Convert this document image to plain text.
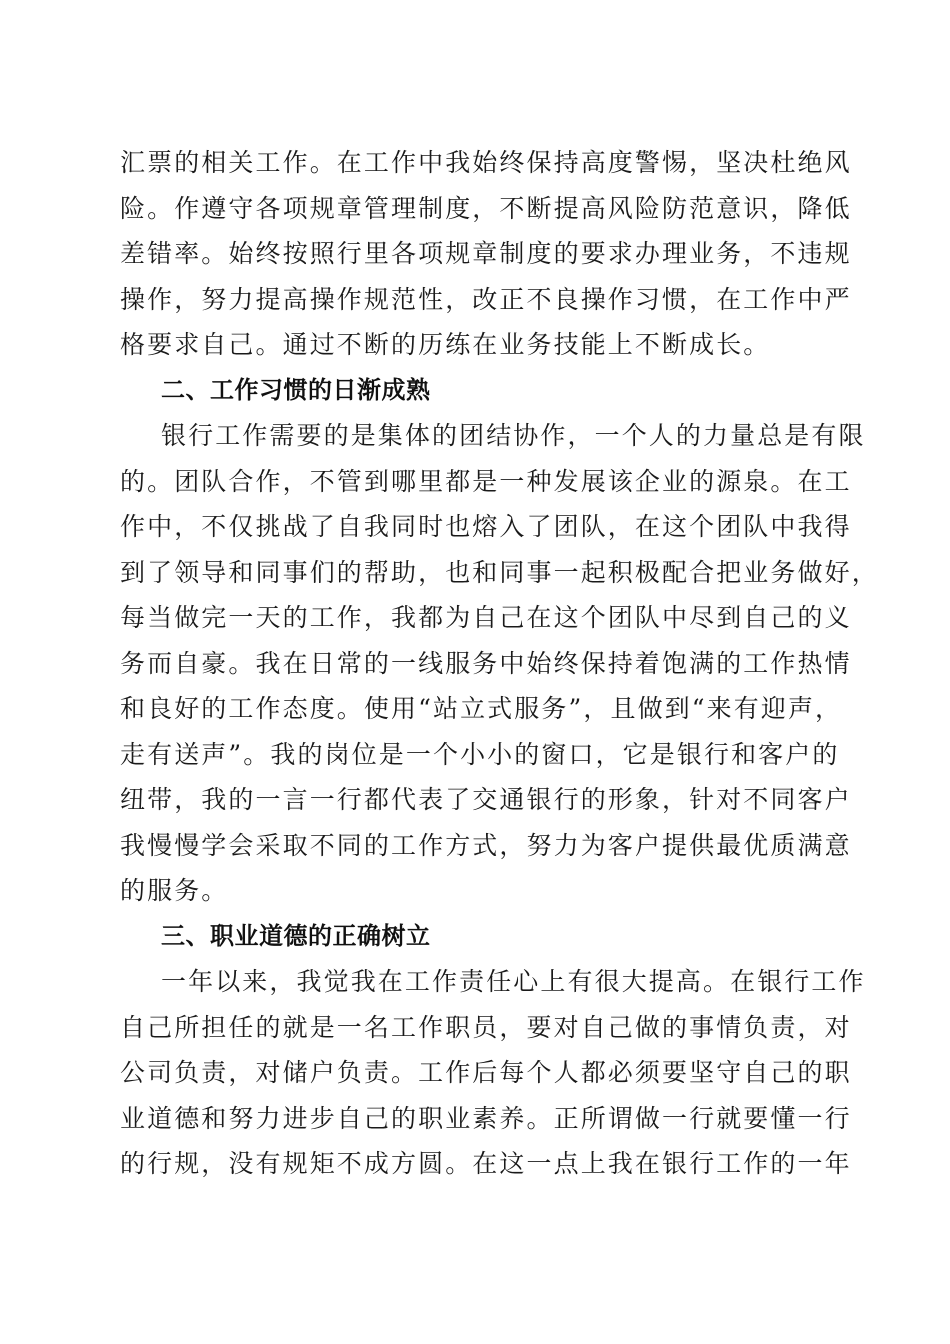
汇票的相关工作。在工作中我始终保持高度警惕，坚决杜绝风
险。作遵守各项规章管理制度，不断提高风险防范意识，降低
差错率。始终按照行里各项规章制度的要求办理业务，不违规
操作，努力提高操作规范性，改正不良操作习惯，在工作中严
格要求自己。通过不断的历练在业务技能上不断成长。
二、工作习惯的日渐成熟
银行工作需要的是集体的团结协作，一个人的力量总是有限
的。团队合作，不管到哪里都是一种发展该企业的源泉。在工
作中，不仅挑战了自我同时也熔入了团队，在这个团队中我得
到了领导和同事们的帮助，也和同事一起积极配合把业务做好，
每当做完一天的工作，我都为自己在这个团队中尽到自己的义
务而自豪。我在日常的一线服务中始终保持着饱满的工作热情
和良好的工作态度。使用“站立式服务”，且做到“来有迎声，
走有送声”。我的岗位是一个小小的窗口，它是银行和客户的
纽带，我的一言一行都代表了交通银行的形象，针对不同客户
我慢慢学会采取不同的工作方式，努力为客户提供最优质满意
的服务。
三、职业道德的正确树立
一年以来，我觉我在工作责任心上有很大提高。在银行工作
自己所担任的就是一名工作职员，要对自己做的事情负责，对
公司负责，对储户负责。工作后每个人都必须要坚守自己的职
业道德和努力进步自己的职业素养。正所谓做一行就要懂一行
的行规，没有规矩不成方圆。在这一点上我在银行工作的一年
